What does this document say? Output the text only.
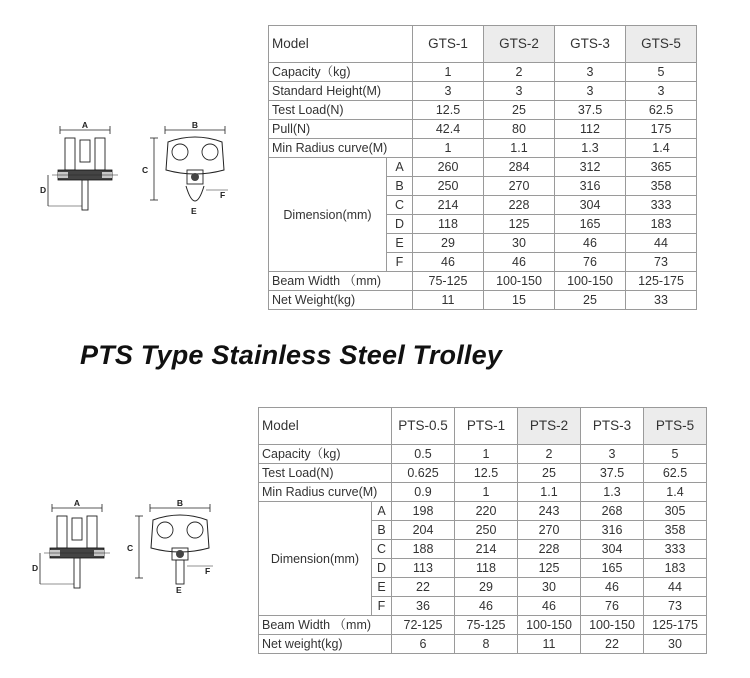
Model		GTS-1	GTS-2	GTS-3	GTS-5
Capacity（kg)		1	2	3	5
Standard Height(M)		3	3	3	3
Test Load(N)		12.5	25	37.5	62.5
Pull(N)		42.4	80	112	175
Min Radius curve(M)		1	1.1	1.3	1.4
Dimension(mm)	A	260	284	312	365
	B	250	270	316	358
	C	214	228	304	333
	D	118	125	165	183
	E	29	30	46	44
	F	46	46	76	73
Beam Width （mm)		75-125	100-150	100-150	125-175
Net Weight(kg)		11	15	25	33
A
D
B
C
F
E
PTS Type Stainless Steel Trolley
Model		PTS-0.5	PTS-1	PTS-2	PTS-3	PTS-5
Capacity（kg)		0.5	1	2	3	5
Test Load(N)		0.625	12.5	25	37.5	62.5
Min Radius curve(M)		0.9	1	1.1	1.3	1.4
Dimension(mm)	A	198	220	243	268	305
	B	204	250	270	316	358
	C	188	214	228	304	333
	D	113	118	125	165	183
	E	22	29	30	46	44
	F	36	46	46	76	73
Beam Width （mm)		72-125	75-125	100-150	100-150	125-175
Net weight(kg)		6	8	11	22	30
A
D
B
C
F
E
